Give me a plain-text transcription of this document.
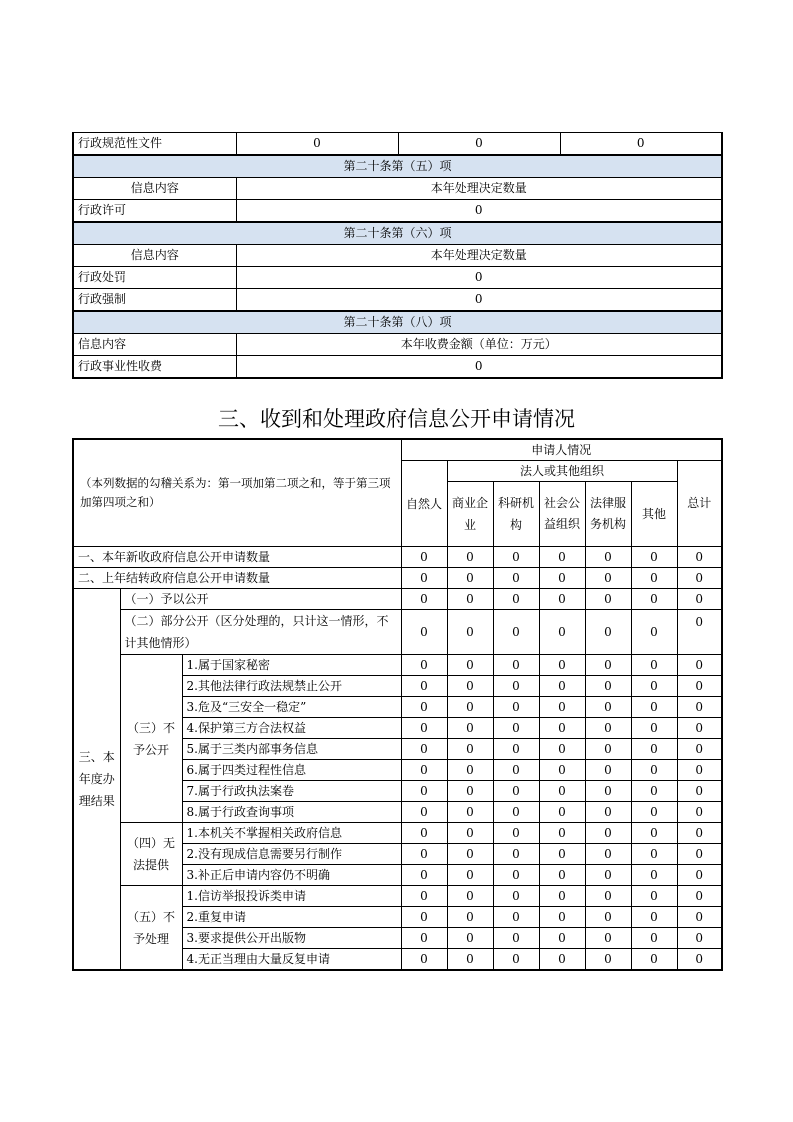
行政规范性文件	0	0	0
第二十条第（五）项			
信息内容	本年处理决定数量		
行政许可	0		
第二十条第（六）项			
信息内容	本年处理决定数量		
行政处罚	0		
行政强制	0		
第二十条第（八）项			
信息内容	本年收费金额（单位：万元）		
行政事业性收费	0		
三、收到和处理政府信息公开申请情况
（本列数据的勾稽关系为：第一项加第二项之和，等于第三项加第四项之和）			申请人情况						
			自然人	法人或其他组织					总计
				商业企业	科研机构	社会公益组织	法律服务机构	其他	
一、本年新收政府信息公开申请数量			0	0	0	0	0	0	0
二、上年结转政府信息公开申请数量			0	0	0	0	0	0	0
三、本年度办理结果	（一）予以公开		0	0	0	0	0	0	0
	（二）部分公开（区分处理的，只计这一情形，不计其他情形）		0	0	0	0	0	0	0
	（三）不予公开	1.属于国家秘密	0	0	0	0	0	0	0
		2.其他法律行政法规禁止公开	0	0	0	0	0	0	0
		3.危及“三安全一稳定”	0	0	0	0	0	0	0
		4.保护第三方合法权益	0	0	0	0	0	0	0
		5.属于三类内部事务信息	0	0	0	0	0	0	0
		6.属于四类过程性信息	0	0	0	0	0	0	0
		7.属于行政执法案卷	0	0	0	0	0	0	0
		8.属于行政查询事项	0	0	0	0	0	0	0
	（四）无法提供	1.本机关不掌握相关政府信息	0	0	0	0	0	0	0
		2.没有现成信息需要另行制作	0	0	0	0	0	0	0
		3.补正后申请内容仍不明确	0	0	0	0	0	0	0
	（五）不予处理	1.信访举报投诉类申请	0	0	0	0	0	0	0
		2.重复申请	0	0	0	0	0	0	0
		3.要求提供公开出版物	0	0	0	0	0	0	0
		4.无正当理由大量反复申请	0	0	0	0	0	0	0
